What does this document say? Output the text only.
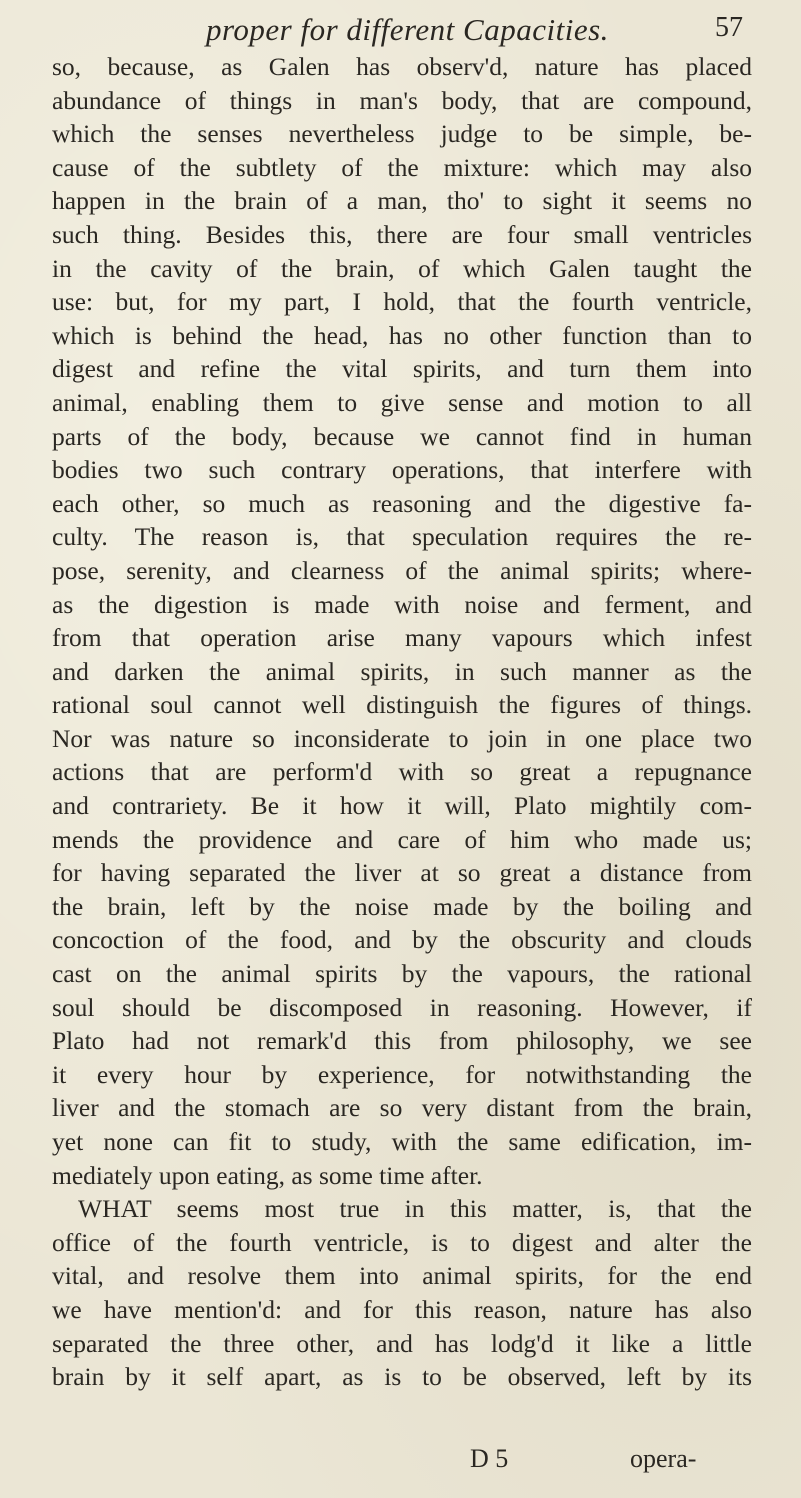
proper for different Capacities.	57
so, because, as Galen has observ'd, nature has placed
abundance of things in man's body, that are compound,
which the senses nevertheless judge to be simple, be-
cause of the subtlety of the mixture: which may also
happen in the brain of a man, tho' to sight it seems no
such thing. Besides this, there are four small ventricles
in the cavity of the brain, of which Galen taught the
use: but, for my part, I hold, that the fourth ventricle,
which is behind the head, has no other function than to
digest and refine the vital spirits, and turn them into
animal, enabling them to give sense and motion to all
parts of the body, because we cannot find in human
bodies two such contrary operations, that interfere with
each other, so much as reasoning and the digestive fa-
culty. The reason is, that speculation requires the re-
pose, serenity, and clearness of the animal spirits; where-
as the digestion is made with noise and ferment, and
from that operation arise many vapours which infest
and darken the animal spirits, in such manner as the
rational soul cannot well distinguish the figures of things.
Nor was nature so inconsiderate to join in one place two
actions that are perform'd with so great a repugnance
and contrariety. Be it how it will, Plato mightily com-
mends the providence and care of him who made us;
for having separated the liver at so great a distance from
the brain, left by the noise made by the boiling and
concoction of the food, and by the obscurity and clouds
cast on the animal spirits by the vapours, the rational
soul should be discomposed in reasoning. However, if
Plato had not remark'd this from philosophy, we see
it every hour by experience, for notwithstanding the
liver and the stomach are so very distant from the brain,
yet none can fit to study, with the same edification, im-
mediately upon eating, as some time after.
WHAT seems most true in this matter, is, that the
office of the fourth ventricle, is to digest and alter the
vital, and resolve them into animal spirits, for the end
we have mention'd: and for this reason, nature has also
separated the three other, and has lodg'd it like a little
brain by it self apart, as is to be observed, left by its
D 5	opera-
